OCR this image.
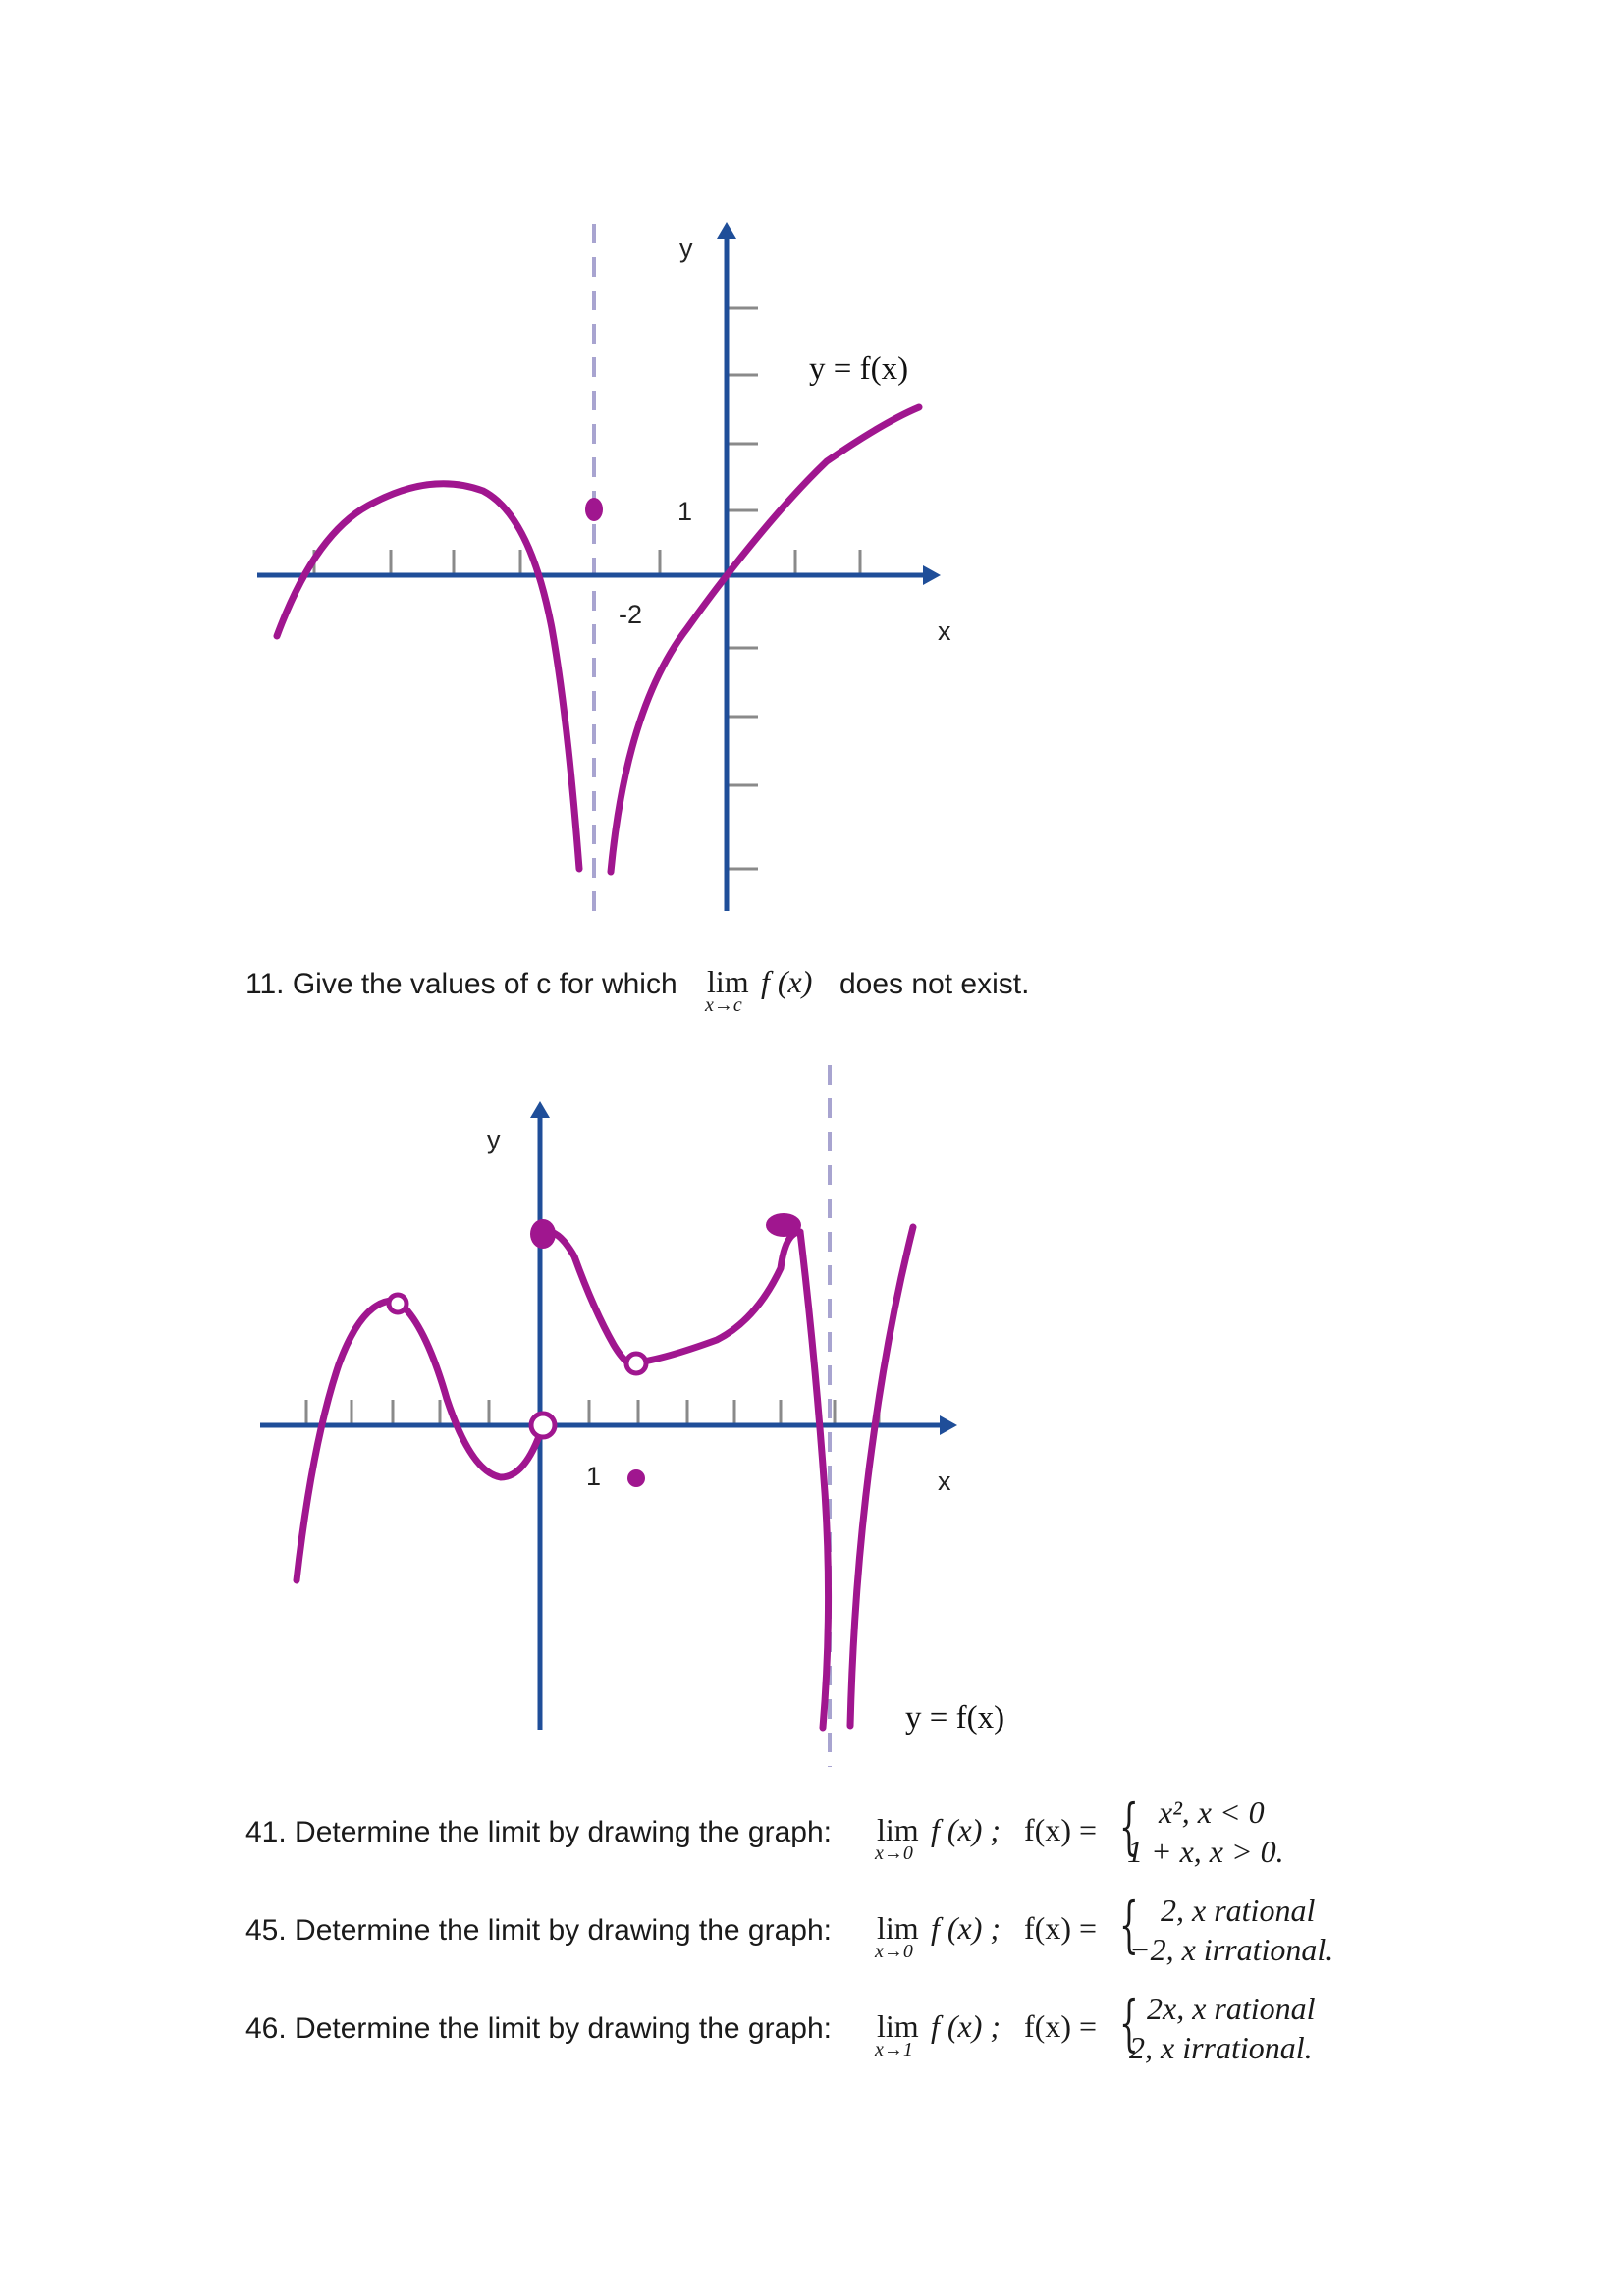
y
x
y = f(x)
1
-2
11. Give the values of c for which lim
x→c
f (x) does not exist.
y
x
y = f(x)
1
41. Determine the limit by drawing the graph: lim
x→0
f (x) ; f(x) = { x², x < 0
1 + x, x > 0.
45. Determine the limit by drawing the graph: lim
x→0
f (x) ; f(x) = { 2, x rational
−2, x irrational.
46. Determine the limit by drawing the graph: lim
x→1
f (x) ; f(x) = { 2x, x rational
2, x irrational.
